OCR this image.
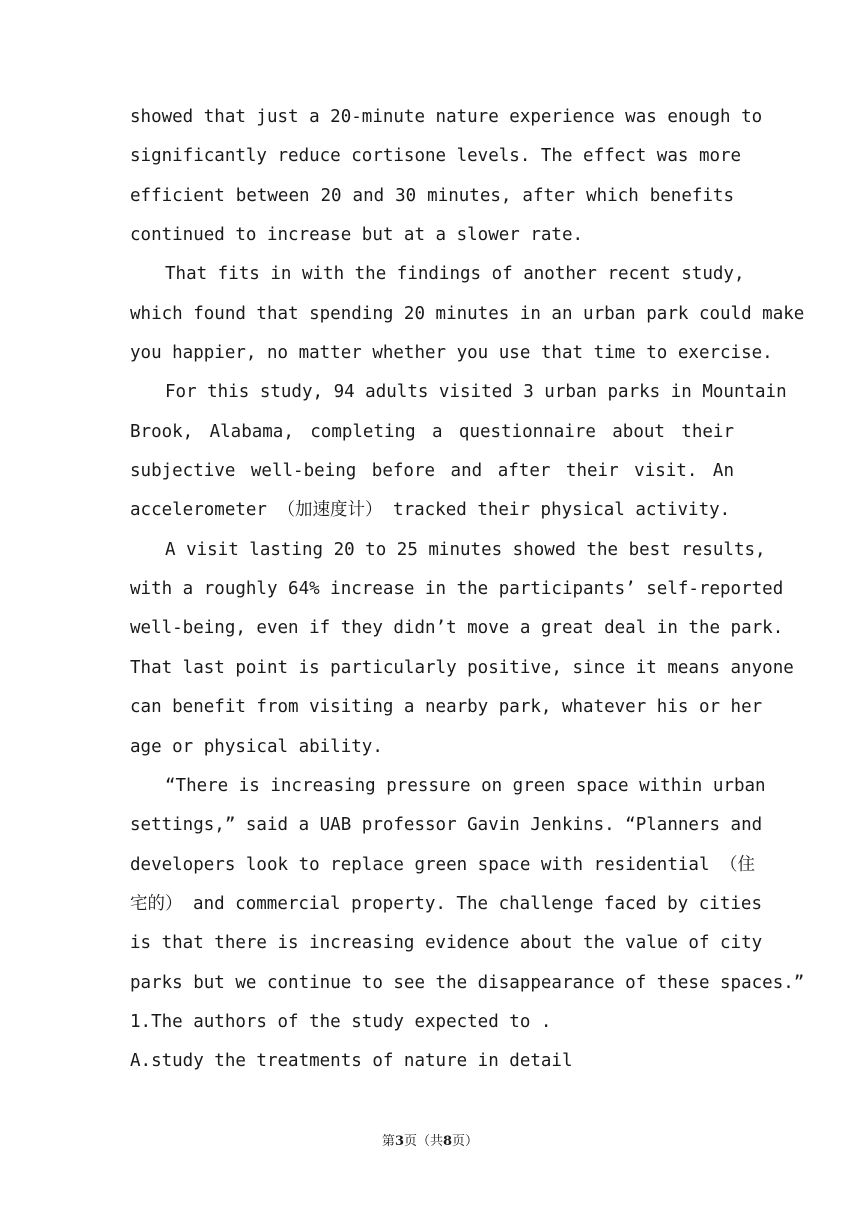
showed that just a 20-minute nature experience was enough to
significantly reduce cortisone levels. The effect was more
efficient between 20 and 30 minutes, after which benefits
continued to increase but at a slower rate.
That fits in with the findings of another recent study,
which found that spending 20 minutes in an urban park could make
you happier, no matter whether you use that time to exercise.
For this study, 94 adults visited 3 urban parks in Mountain
Brook, Alabama, completing a questionnaire about their
subjective well-being before and after their visit. An
accelerometer （加速度计） tracked their physical activity.
A visit lasting 20 to 25 minutes showed the best results,
with a roughly 64% increase in the participants’ self-reported
well-being, even if they didn’t move a great deal in the park.
That last point is particularly positive, since it means anyone
can benefit from visiting a nearby park, whatever his or her
age or physical ability.
“There is increasing pressure on green space within urban
settings,” said a UAB professor Gavin Jenkins. “Planners and
developers look to replace green space with residential （住
宅的） and commercial property. The challenge faced by cities
is that there is increasing evidence about the value of city
parks but we continue to see the disappearance of these spaces.”
1.The authors of the study expected to .
A.study the treatments of nature in detail
第3页（共8页）
